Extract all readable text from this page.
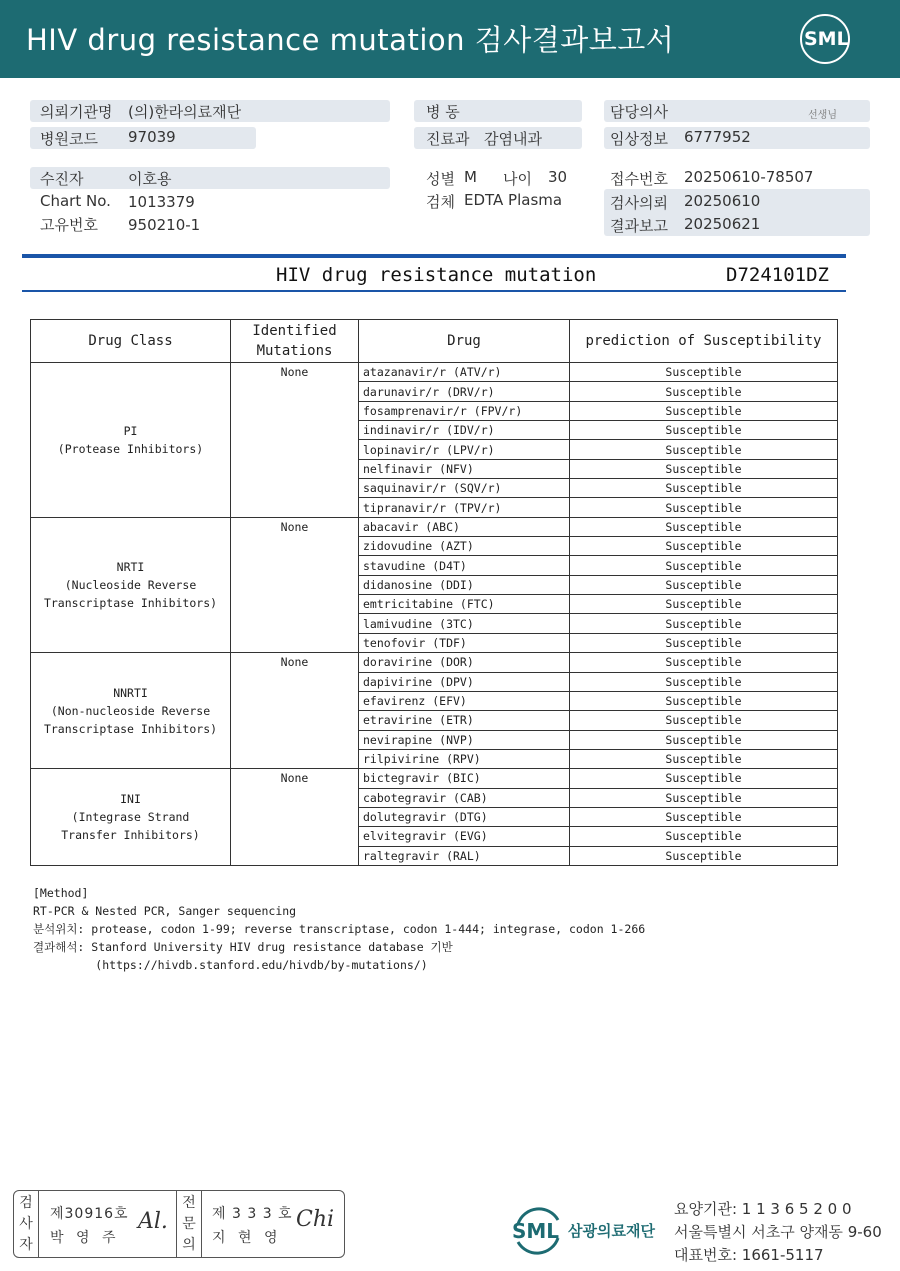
HIV drug resistance mutation 검사결과보고서	SML
의뢰기관명 (의)한라의료재단
병원코드 97039
수진자	이호용
Chart No. 1013379
고유번호 950210-1
병 동
진료과 감염내과
성별 M 나이 30
검체 EDTA Plasma
담당의사	선생님
임상정보 6777952
접수번호 20250610-78507
검사의뢰 20250610
결과보고 20250621
HIV drug resistance mutation	D724101DZ
Drug Class	Identified Mutations	Drug	prediction of Susceptibility

PI
(Protease Inhibitors)	None	atazanavir/r (ATV/r)	Susceptible
		darunavir/r (DRV/r)	Susceptible
		fosamprenavir/r (FPV/r)	Susceptible
		indinavir/r (IDV/r)	Susceptible
		lopinavir/r (LPV/r)	Susceptible
		nelfinavir (NFV)	Susceptible
		saquinavir/r (SQV/r)	Susceptible
		tipranavir/r (TPV/r)	Susceptible

NRTI
(Nucleoside Reverse
Transcriptase Inhibitors)	None	abacavir (ABC)	Susceptible
		zidovudine (AZT)	Susceptible
		stavudine (D4T)	Susceptible
		didanosine (DDI)	Susceptible
		emtricitabine (FTC)	Susceptible
		lamivudine (3TC)	Susceptible
		tenofovir (TDF)	Susceptible

NNRTI
(Non-nucleoside Reverse
Transcriptase Inhibitors)	None	doravirine (DOR)	Susceptible
		dapivirine (DPV)	Susceptible
		efavirenz (EFV)	Susceptible
		etravirine (ETR)	Susceptible
		nevirapine (NVP)	Susceptible
		rilpivirine (RPV)	Susceptible

INI
(Integrase Strand
Transfer Inhibitors)	None	bictegravir (BIC)	Susceptible
		cabotegravir (CAB)	Susceptible
		dolutegravir (DTG)	Susceptible
		elvitegravir (EVG)	Susceptible
		raltegravir (RAL)	Susceptible
[Method]
RT-PCR & Nested PCR, Sanger sequencing
분석위치: protease, codon 1-99; reverse transcriptase, codon 1-444; integrase, codon 1-266
결과해석: Stanford University HIV drug resistance database 기반
(https://hivdb.stanford.edu/hivdb/by-mutations/)
검
사
자
제30916호
박 영 주
Al.
전
문
의
제 3 3 3 호
지 현 영
Chi	SML 삼광의료재단
요양기관: 1 1 3 6 5 2 0 0
서울특별시 서초구 양재동 9-60
대표번호: 1661-5117
